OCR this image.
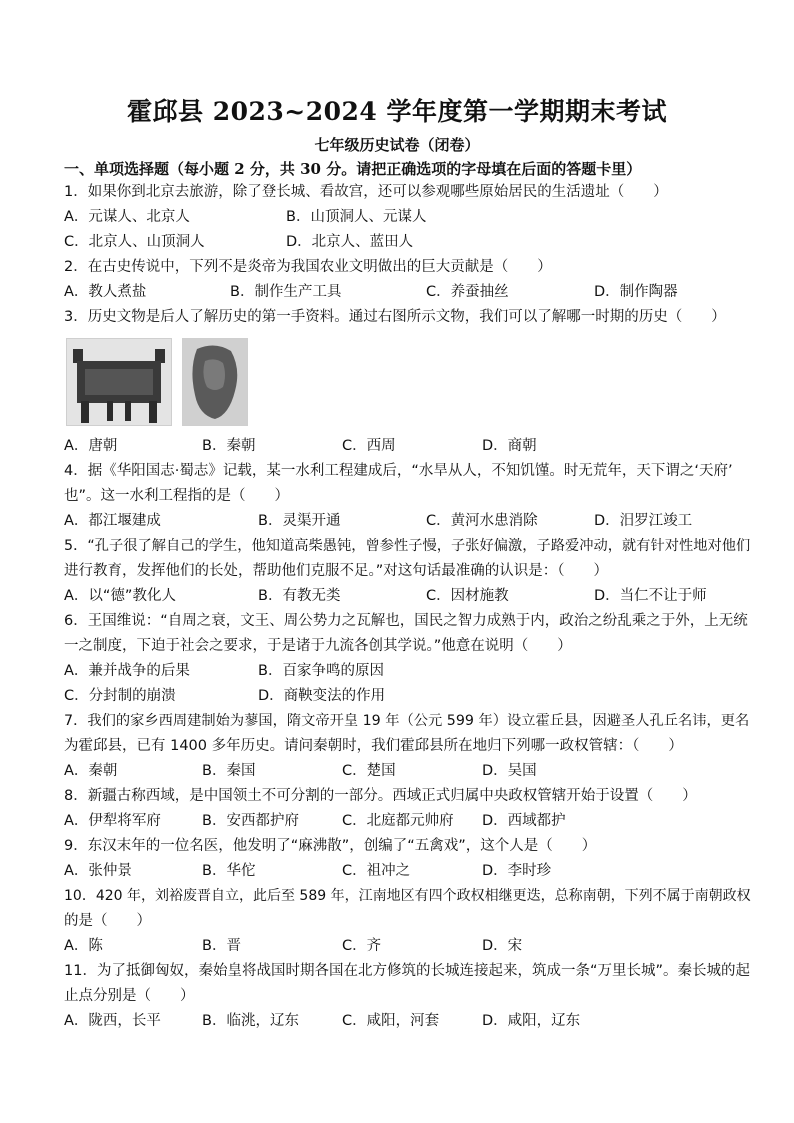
霍邱县 2023~2024 学年度第一学期期末考试
七年级历史试卷（闭卷）
一、单项选择题（每小题 2 分，共 30 分。请把正确选项的字母填在后面的答题卡里）
1．如果你到北京去旅游，除了登长城、看故宫，还可以参观哪些原始居民的生活遗址（　　）
A．元谋人、北京人	B．山顶洞人、元谋人
C．北京人、山顶洞人	D．北京人、蓝田人
2．在古史传说中，下列不是炎帝为我国农业文明做出的巨大贡献是（　　）
A．教人煮盐	B．制作生产工具	C．养蚕抽丝	D．制作陶器
3．历史文物是后人了解历史的第一手资料。通过右图所示文物，我们可以了解哪一时期的历史（　　）
A．唐朝	B．秦朝	C．西周	D．商朝
4．据《华阳国志·蜀志》记载，某一水利工程建成后，“水旱从人，不知饥馑。时无荒年，天下谓之‘天府’
也”。这一水利工程指的是（　　）
A．都江堰建成	B．灵渠开通	C．黄河水患消除	D．汨罗江竣工
5．“孔子很了解自己的学生，他知道高柴愚钝，曾参性子慢，子张好偏激，子路爱冲动，就有针对性地对他们
进行教育，发挥他们的长处，帮助他们克服不足。”对这句话最准确的认识是：（　　）
A．以“德”教化人	B．有教无类	C．因材施教	D．当仁不让于师
6．王国维说：“自周之衰，文王、周公势力之瓦解也，国民之智力成熟于内，政治之纷乱乘之于外，上无统
一之制度，下迫于社会之要求，于是诸于九流各创其学说。”他意在说明（　　）
A．兼并战争的后果	B．百家争鸣的原因
C．分封制的崩溃	D．商鞅变法的作用
7．我们的家乡西周建制始为蓼国，隋文帝开皇 19 年（公元 599 年）设立霍丘县，因避圣人孔丘名讳，更名
为霍邱县，已有 1400 多年历史。请问秦朝时，我们霍邱县所在地归下列哪一政权管辖：（　　）
A．秦朝	B．秦国	C．楚国	D．吴国
8．新疆古称西域，是中国领土不可分割的一部分。西域正式归属中央政权管辖开始于设置（　　）
A．伊犁将军府	B．安西都护府	C．北庭都元帅府 D．西域都护
9．东汉末年的一位名医，他发明了“麻沸散”，创编了“五禽戏”，这个人是（　　）
A．张仲景	B．华佗	C．祖冲之	D．李时珍
10．420 年，刘裕废晋自立，此后至 589 年，江南地区有四个政权相继更迭，总称南朝，下列不属于南朝政权
的是（　　）
A．陈	B．晋	C．齐	D．宋
11．为了抵御匈奴，秦始皇将战国时期各国在北方修筑的长城连接起来，筑成一条“万里长城”。秦长城的起
止点分别是（　　）
A．陇西，长平	B．临洮，辽东	C．咸阳，河套	D．咸阳，辽东
